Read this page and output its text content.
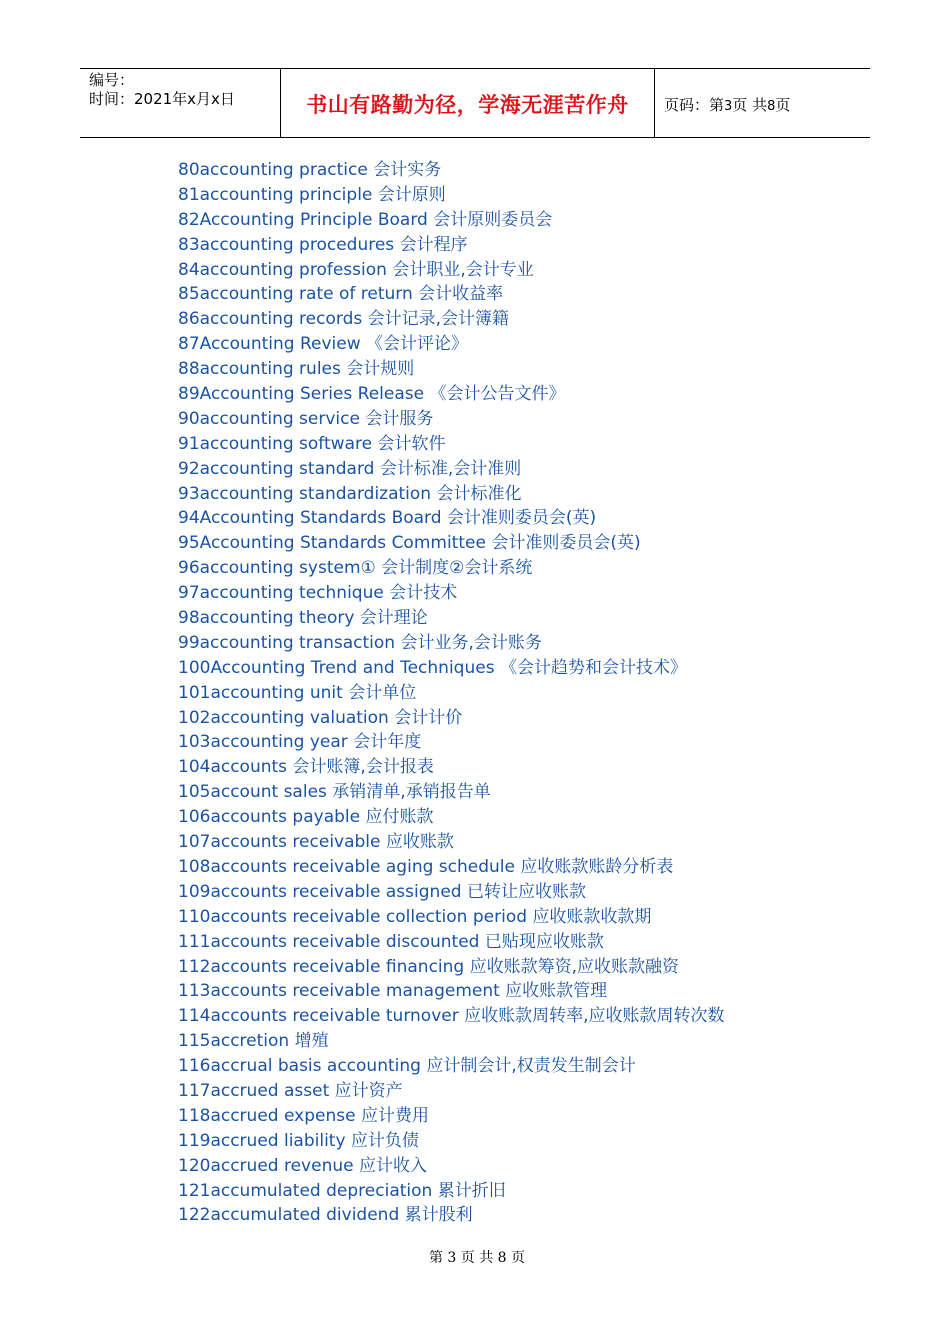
编号：
时间：2021年x月x日	书山有路勤为径，学海无涯苦作舟	页码：第3页 共8页
80accounting practice 会计实务
81accounting principle 会计原则
82Accounting Principle Board 会计原则委员会
83accounting procedures 会计程序
84accounting profession 会计职业,会计专业
85accounting rate of return 会计收益率
86accounting records 会计记录,会计簿籍
87Accounting Review 《会计评论》
88accounting rules 会计规则
89Accounting Series Release 《会计公告文件》
90accounting service 会计服务
91accounting software 会计软件
92accounting standard 会计标准,会计准则
93accounting standardization 会计标准化
94Accounting Standards Board 会计准则委员会(英)
95Accounting Standards Committee 会计准则委员会(英)
96accounting system① 会计制度②会计系统
97accounting technique 会计技术
98accounting theory 会计理论
99accounting transaction 会计业务,会计账务
100Accounting Trend and Techniques 《会计趋势和会计技术》
101accounting unit 会计单位
102accounting valuation 会计计价
103accounting year 会计年度
104accounts 会计账簿,会计报表
105account sales 承销清单,承销报告单
106accounts payable 应付账款
107accounts receivable 应收账款
108accounts receivable aging schedule 应收账款账龄分析表
109accounts receivable assigned 已转让应收账款
110accounts receivable collection period 应收账款收款期
111accounts receivable discounted 已贴现应收账款
112accounts receivable financing 应收账款筹资,应收账款融资
113accounts receivable management 应收账款管理
114accounts receivable turnover 应收账款周转率,应收账款周转次数
115accretion 增殖
116accrual basis accounting 应计制会计,权责发生制会计
117accrued asset 应计资产
118accrued expense 应计费用
119accrued liability 应计负债
120accrued revenue 应计收入
121accumulated depreciation 累计折旧
122accumulated dividend 累计股利
第 3 页 共 8 页
